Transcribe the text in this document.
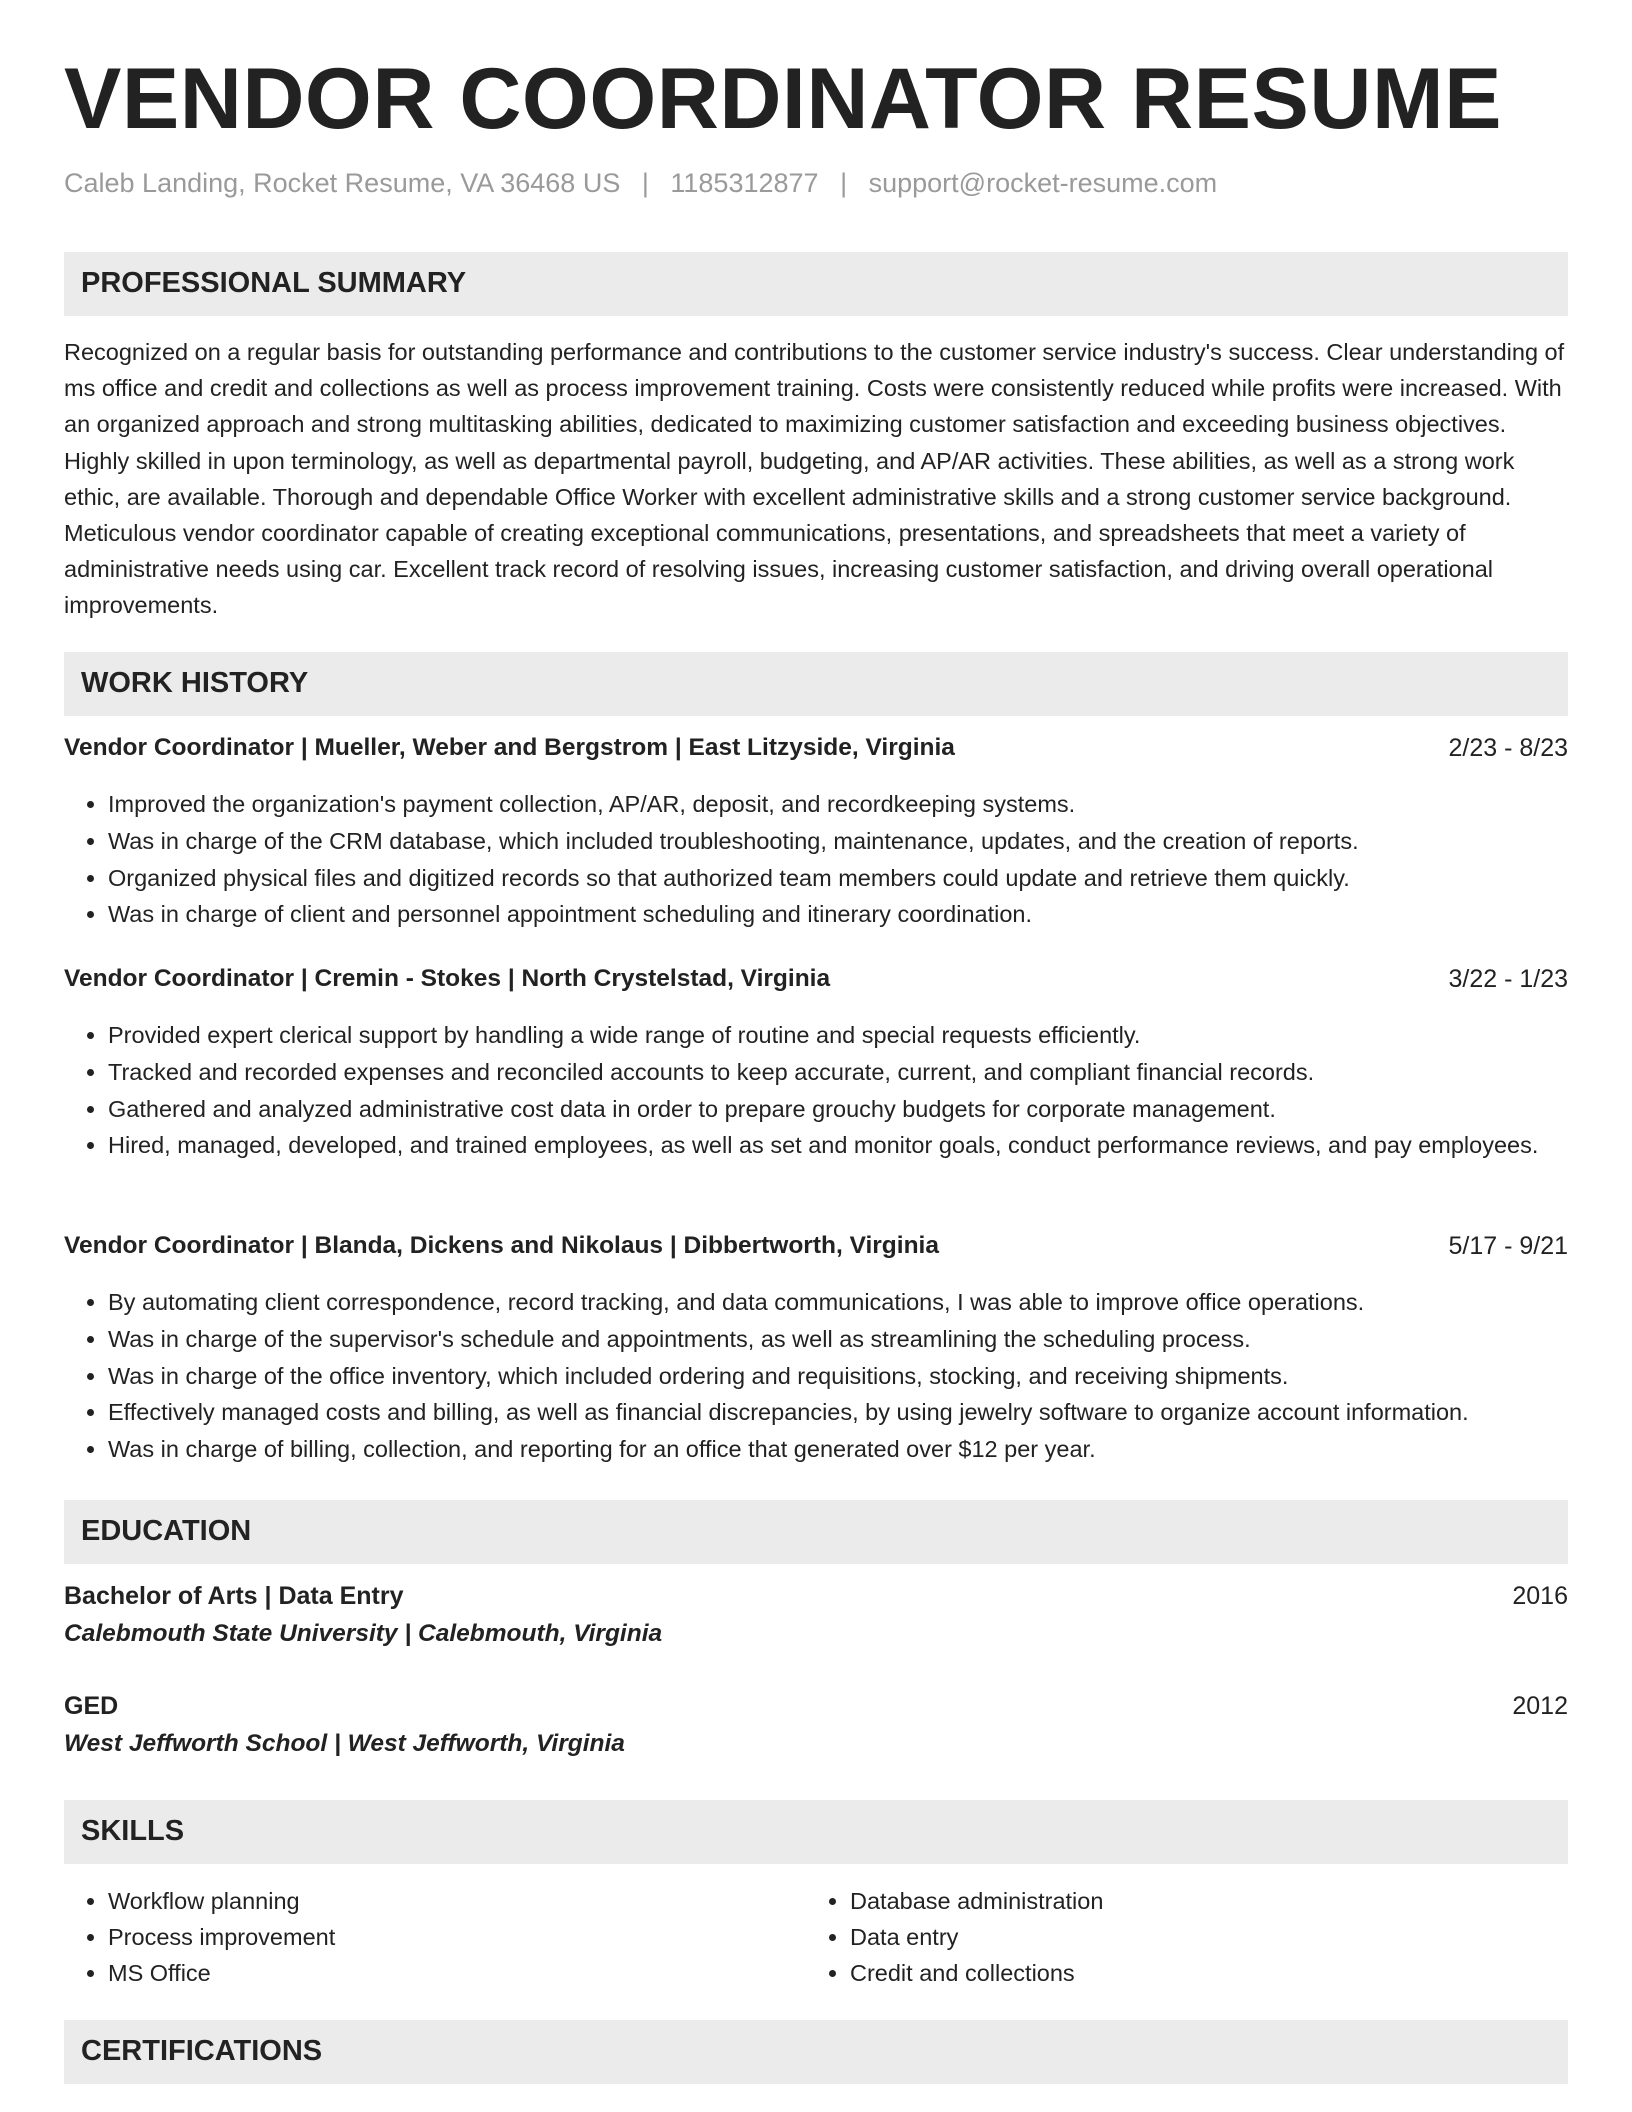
VENDOR COORDINATOR RESUME
Caleb Landing, Rocket Resume, VA 36468 US | 1185312877 | support@rocket-resume.com
PROFESSIONAL SUMMARY
Recognized on a regular basis for outstanding performance and contributions to the customer service industry's success. Clear understanding of ms office and credit and collections as well as process improvement training. Costs were consistently reduced while profits were increased. With an organized approach and strong multitasking abilities, dedicated to maximizing customer satisfaction and exceeding business objectives. Highly skilled in upon terminology, as well as departmental payroll, budgeting, and AP/AR activities. These abilities, as well as a strong work ethic, are available. Thorough and dependable Office Worker with excellent administrative skills and a strong customer service background. Meticulous vendor coordinator capable of creating exceptional communications, presentations, and spreadsheets that meet a variety of administrative needs using car. Excellent track record of resolving issues, increasing customer satisfaction, and driving overall operational improvements.
WORK HISTORY
Vendor Coordinator | Mueller, Weber and Bergstrom | East Litzyside, Virginia	2/23 - 8/23
• Improved the organization's payment collection, AP/AR, deposit, and recordkeeping systems.
• Was in charge of the CRM database, which included troubleshooting, maintenance, updates, and the creation of reports.
• Organized physical files and digitized records so that authorized team members could update and retrieve them quickly.
• Was in charge of client and personnel appointment scheduling and itinerary coordination.
Vendor Coordinator | Cremin - Stokes | North Crystelstad, Virginia	3/22 - 1/23
• Provided expert clerical support by handling a wide range of routine and special requests efficiently.
• Tracked and recorded expenses and reconciled accounts to keep accurate, current, and compliant financial records.
• Gathered and analyzed administrative cost data in order to prepare grouchy budgets for corporate management.
• Hired, managed, developed, and trained employees, as well as set and monitor goals, conduct performance reviews, and pay employees.
Vendor Coordinator | Blanda, Dickens and Nikolaus | Dibbertworth, Virginia	5/17 - 9/21
• By automating client correspondence, record tracking, and data communications, I was able to improve office operations.
• Was in charge of the supervisor's schedule and appointments, as well as streamlining the scheduling process.
• Was in charge of the office inventory, which included ordering and requisitions, stocking, and receiving shipments.
• Effectively managed costs and billing, as well as financial discrepancies, by using jewelry software to organize account information.
• Was in charge of billing, collection, and reporting for an office that generated over $12 per year.
EDUCATION
Bachelor of Arts | Data Entry	2016
Calebmouth State University | Calebmouth, Virginia
GED	2012
West Jeffworth School | West Jeffworth, Virginia
SKILLS
• Workflow planning
• Process improvement
• MS Office
• Database administration
• Data entry
• Credit and collections
CERTIFICATIONS
